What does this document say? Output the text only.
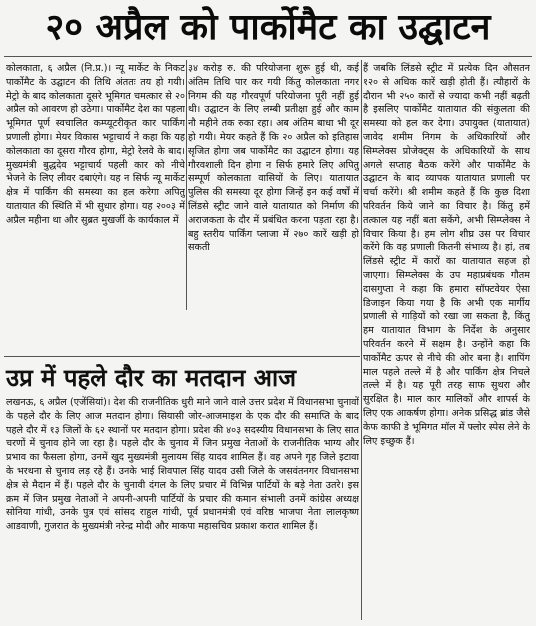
२० अप्रैल को पार्कोमैट का उद्घाटन

कोलकाता, ६ अप्रैल (नि.प्र.)। न्यू मार्केट के निकट पार्कोमैट के उद्घाटन की तिथि अंततः तय हो गयी। मेट्रो के बाद कोलकाता दूसरे भूमिगत चमत्कार से २० अप्रैल को आवरण हो उठेगा। पार्कोमैट देश का पहला भूमिगत पूर्ण स्वचालित कम्प्यूटरीकृत कार पार्किंग प्रणाली होगा। मेयर विकास भट्टाचार्य ने कहा कि यह कोलकाता का दूसरा गौरव होगा, मेट्रो रेलवे के बाद। मुख्यमंत्री बुद्धदेव भट्टाचार्य पहली कार को नीचे भेजने के लिए लीवर दबाएंगे। यह न सिर्फ न्यू मार्केट क्षेत्र में पार्किंग की समस्या का हल करेगा अपितु यातायात की स्थिति में भी सुधार होगा। यह २००३ में अप्रैल महीना था और सुब्रत मुखर्जी के कार्यकाल में

३४ करोड़ रु. की परियोजना शुरू हुई थी, कई अंतिम तिथि पार कर गयी किंतु कोलकाता नगर निगम की यह गौरवपूर्ण परियोजना पूरी नहीं हुई थी। उद्घाटन के लिए लम्बी प्रतीक्षा हुई और काम नौ महीने तक रुका रहा। अब अंतिम बाधा भी दूर हो गयी। मेयर कहते हैं कि २० अप्रैल को इतिहास सृजित होगा जब पार्कोमैट का उद्घाटन होगा। यह गौरवशाली दिन होगा न सिर्फ हमारे लिए अपितु सम्पूर्ण कोलकाता वासियों के लिए। यातायात पुलिस की समस्या दूर होगा जिन्हें इन कई वर्षों में लिंडसे स्ट्रीट जाने वाले यातायात को निर्माण की अराजकता के दौर में प्रबंधित करना पड़ता रहा है। बहु स्तरीय पार्किंग प्लाजा में २७० कारें खड़ी हो सकती

हैं जबकि लिंडसे स्ट्रीट में प्रत्येक दिन औसतन १२० से अधिक कारें खड़ी होती हैं। त्यौहारों के दौरान भी २५० कारों से ज्यादा कभी नहीं बढ़ती है इसलिए पार्कोमैट यातायात की संकुलता की समस्या को हल कर देगा। उपायुक्त (यातायात) जावेद शमीम निगम के अधिकारियों और सिम्प्लेक्स प्रोजेक्ट्स के अधिकारियों के साथ अगले सप्ताह बैठक करेंगे और पार्कोमैट के उद्घाटन के बाद व्यापक यातायात प्रणाली पर चर्चा करेंगे। श्री शमीम कहते हैं कि कुछ दिशा परिवर्तन किये जाने का विचार है। किंतु हमें तत्काल यह नहीं बता सकेंगे, अभी सिम्प्लेक्स ने विचार किया है। हम लोग शीघ्र उस पर विचार करेंगे कि वह प्रणाली कितनी संभाव्य है। हां, तब लिंडसे स्ट्रीट में कारों का यातायात सहज हो जाएगा। सिम्प्लेक्स के उप महाप्रबंधक गौतम दासगुप्ता ने कहा कि हमारा सॉफ्टवेयर ऐसा डिजाइन किया गया है कि अभी एक मार्गीय प्रणाली से गाड़ियों को रखा जा सकता है, किंतु हम यातायात विभाग के निर्देश के अनुसार परिवर्तन करने में सक्षम है। उन्होंने कहा कि पार्कोमैट ऊपर से नीचे की ओर बना है। शापिंग माल पहले तल्ले में है और पार्किंग क्षेत्र निचले तल्ले में है। यह पूरी तरह साफ सुथरा और सुरक्षित है। माल कार मालिकों और शापर्स के लिए एक आकर्षण होगा। अनेक प्रसिद्ध ब्रांड जैसे केफ काफी डे भूमिगत मॉल में फ्लोर स्पेस लेने के लिए इच्छुक हैं।

उप्र में पहले दौर का मतदान आज

लखनऊ, ६ अप्रैल (एजेंसियां)। देश की राजनीतिक धुरी माने जाने वाले उत्तर प्रदेश में विधानसभा चुनावों के पहले दौर के लिए आज मतदान होगा। सियासी जोर-आजमाइश के एक दौर की समाप्ति के बाद पहले दौर में १३ जिलों के ६२ स्थानों पर मतदान होगा। प्रदेश की ४०३ सदस्यीय विधानसभा के लिए सात चरणों में चुनाव होने जा रहा है। पहले दौर के चुनाव में जिन प्रमुख नेताओं के राजनीतिक भाग्य और प्रभाव का फैसला होगा, उनमें खुद मुख्यमंत्री मुलायम सिंह यादव शामिल हैं। वह अपने गृह जिले इटावा के भरथना से चुनाव लड़ रहे हैं। उनके भाई शिवपाल सिंह यादव उसी जिले के जसवंतनगर विधानसभा क्षेत्र से मैदान में हैं। पहले दौर के चुनावी दंगल के लिए प्रचार में विभिन्न पार्टियों के बड़े नेता उतरे। इस क्रम में जिन प्रमुख नेताओं ने अपनी-अपनी पार्टियों के प्रचार की कमान संभाली उनमें कांग्रेस अध्यक्ष सोनिया गांधी, उनके पुत्र एवं सांसद राहुल गांधी, पूर्व प्रधानमंत्री एवं वरिष्ठ भाजपा नेता लालकृष्ण आडवाणी, गुजरात के मुख्यमंत्री नरेन्द्र मोदी और माकपा महासचिव प्रकाश करात शामिल हैं।
